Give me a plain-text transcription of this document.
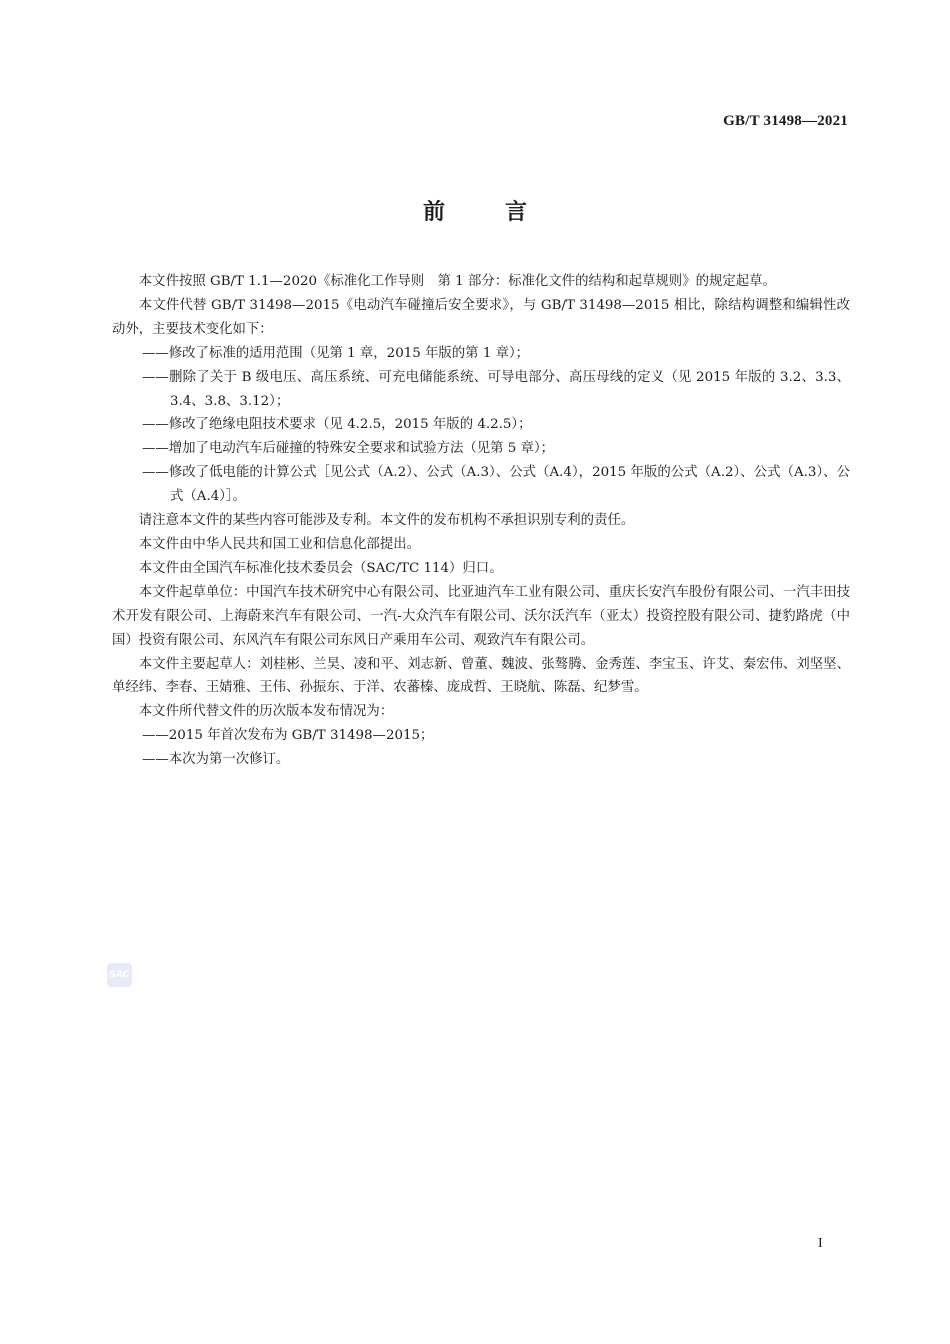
GB/T 31498—2021
前言

本文件按照 GB/T 1.1—2020《标准化工作导则　第 1 部分：标准化文件的结构和起草规则》的规定起草。

本文件代替 GB/T 31498—2015《电动汽车碰撞后安全要求》，与 GB/T 31498—2015 相比，除结构调整和编辑性改动外，主要技术变化如下：

——修改了标准的适用范围（见第 1 章，2015 年版的第 1 章）；

——删除了关于 B 级电压、高压系统、可充电储能系统、可导电部分、高压母线的定义（见 2015 年版的 3.2、3.3、3.4、3.8、3.12）；

——修改了绝缘电阻技术要求（见 4.2.5，2015 年版的 4.2.5）；

——增加了电动汽车后碰撞的特殊安全要求和试验方法（见第 5 章）；

——修改了低电能的计算公式［见公式（A.2）、公式（A.3）、公式（A.4），2015 年版的公式（A.2）、公式（A.3）、公式（A.4）］。

请注意本文件的某些内容可能涉及专利。本文件的发布机构不承担识别专利的责任。

本文件由中华人民共和国工业和信息化部提出。

本文件由全国汽车标准化技术委员会（SAC/TC 114）归口。

本文件起草单位：中国汽车技术研究中心有限公司、比亚迪汽车工业有限公司、重庆长安汽车股份有限公司、一汽丰田技术开发有限公司、上海蔚来汽车有限公司、一汽-大众汽车有限公司、沃尔沃汽车（亚太）投资控股有限公司、捷豹路虎（中国）投资有限公司、东风汽车有限公司东风日产乘用车公司、观致汽车有限公司。

本文件主要起草人：刘桂彬、兰昊、凌和平、刘志新、曾董、魏波、张骜腾、金秀莲、李宝玉、许艾、秦宏伟、刘坚坚、单经纬、李春、王婧雅、王伟、孙振东、于洋、农蕃榛、庞成哲、王晓航、陈磊、纪梦雪。

本文件所代替文件的历次版本发布情况为：

——2015 年首次发布为 GB/T 31498—2015；

——本次为第一次修订。

SAC
I
